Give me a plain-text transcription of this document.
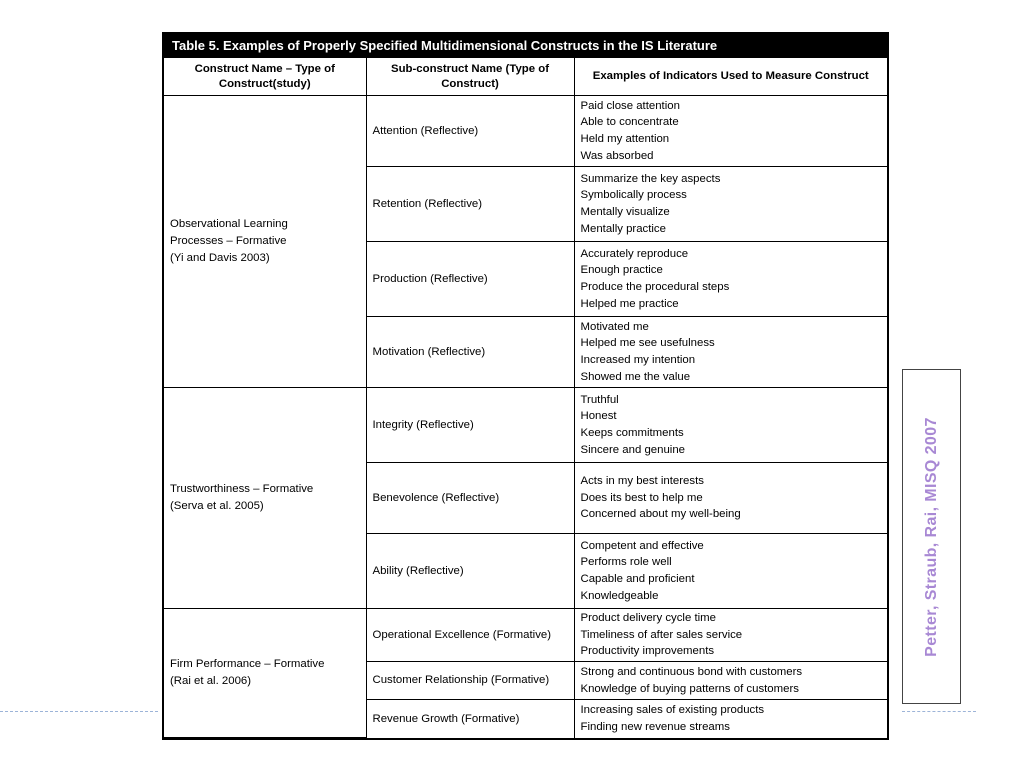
Table 5. Examples of Properly Specified Multidimensional Constructs in the IS Literature
Construct Name – Type of Construct(study)	Sub-construct Name (Type of Construct)	Examples of Indicators Used to Measure Construct

Observational Learning
Processes – Formative
(Yi and Davis 2003)	Attention (Reflective)	Paid close attention
Able to concentrate
Held my attention
Was absorbed

	Retention (Reflective)	Summarize the key aspects
Symbolically process
Mentally visualize
Mentally practice

	Production (Reflective)	Accurately reproduce
Enough practice
Produce the procedural steps
Helped me practice

	Motivation (Reflective)	Motivated me
Helped me see usefulness
Increased my intention
Showed me the value

Trustworthiness – Formative
(Serva et al. 2005)	Integrity (Reflective)	Truthful
Honest
Keeps commitments
Sincere and genuine

	Benevolence (Reflective)	Acts in my best interests
Does its best to help me
Concerned about my well-being

	Ability (Reflective)	Competent and effective
Performs role well
Capable and proficient
Knowledgeable

Firm Performance – Formative
(Rai et al. 2006)	Operational Excellence (Formative)	Product delivery cycle time
Timeliness of after sales service
Productivity improvements

	Customer Relationship (Formative)	Strong and continuous bond with customers
Knowledge of buying patterns of customers

	Revenue Growth (Formative)	Increasing sales of existing products
Finding new revenue streams
Petter, Straub, Rai, MISQ 2007
